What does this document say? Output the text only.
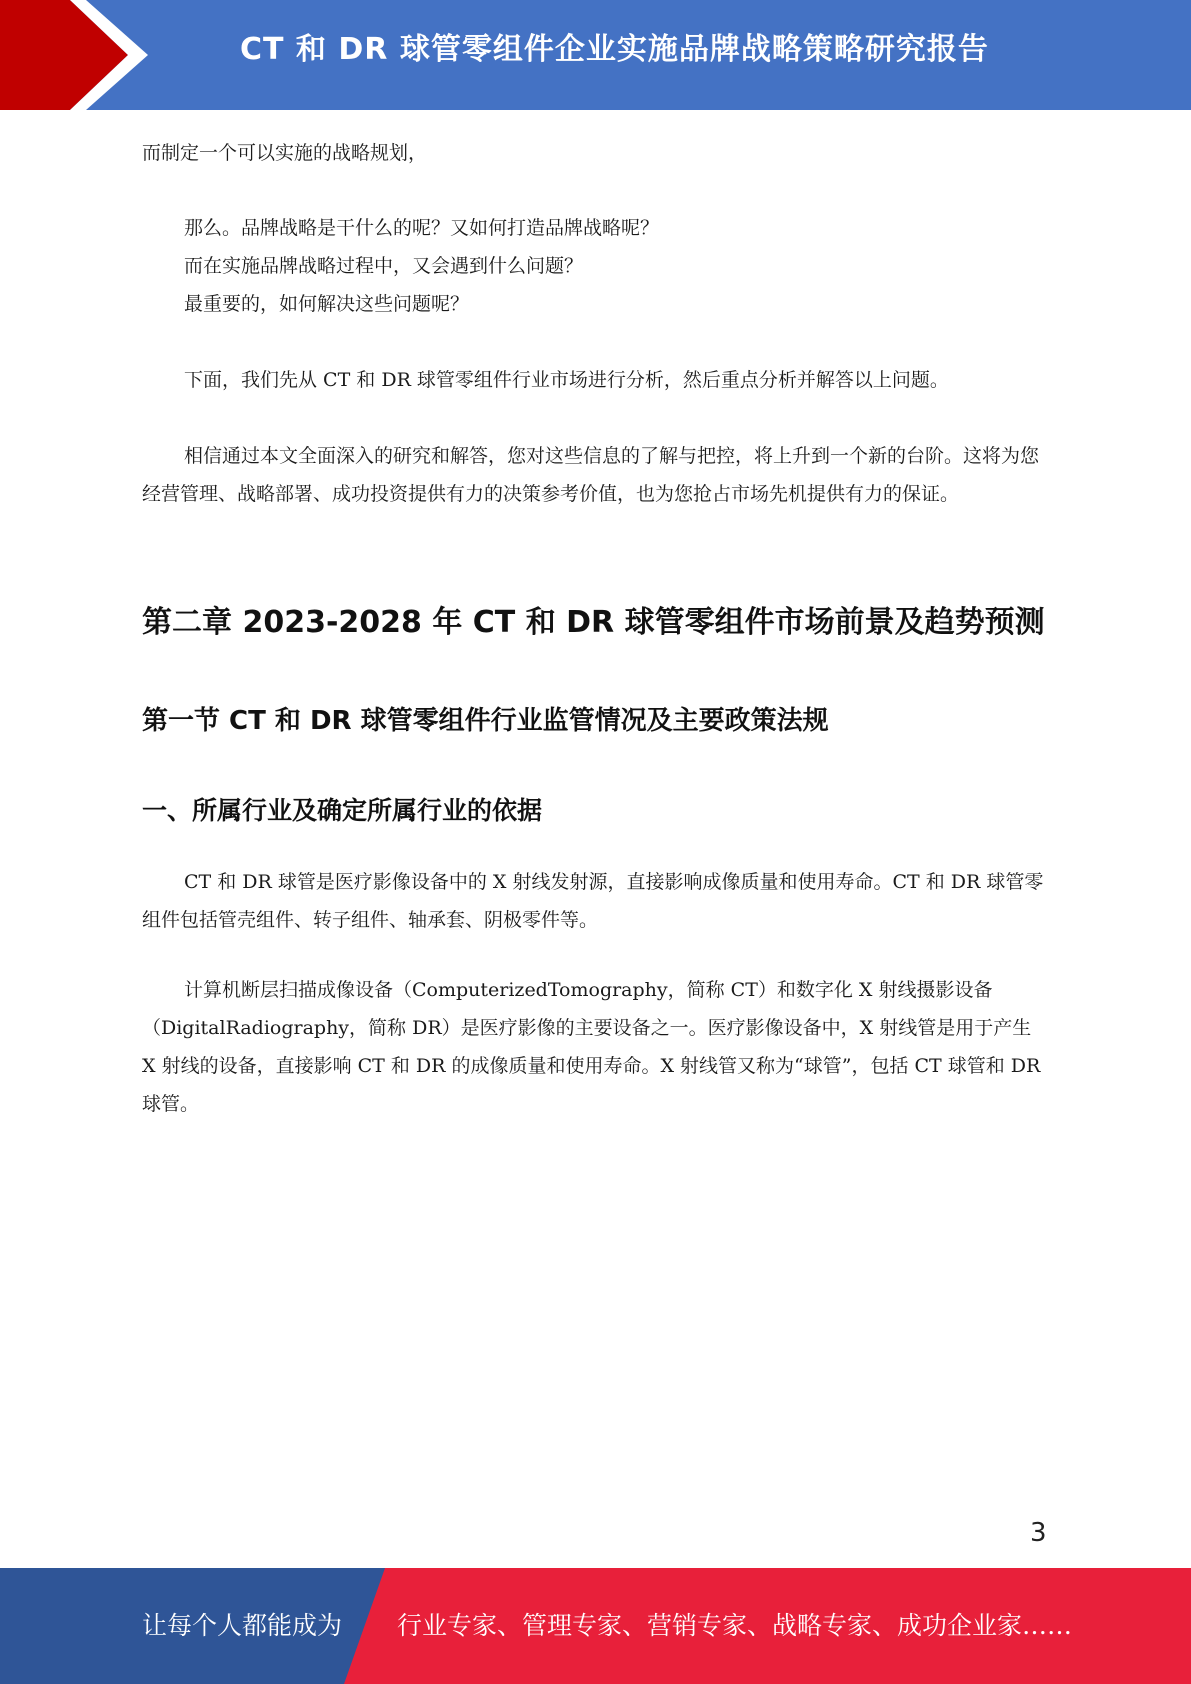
CT 和 DR 球管零组件企业实施品牌战略策略研究报告

而制定一个可以实施的战略规划，

那么。品牌战略是干什么的呢？又如何打造品牌战略呢？

而在实施品牌战略过程中，又会遇到什么问题？

最重要的，如何解决这些问题呢？

下面，我们先从 CT 和 DR 球管零组件行业市场进行分析，然后重点分析并解答以上问题。

相信通过本文全面深入的研究和解答，您对这些信息的了解与把控，将上升到一个新的台阶。这将为您经营管理、战略部署、成功投资提供有力的决策参考价值，也为您抢占市场先机提供有力的保证。

第二章 2023-2028 年 CT 和 DR 球管零组件市场前景及趋势预测
第一节 CT 和 DR 球管零组件行业监管情况及主要政策法规
一、所属行业及确定所属行业的依据

CT 和 DR 球管是医疗影像设备中的 X 射线发射源，直接影响成像质量和使用寿命。CT 和 DR 球管零组件包括管壳组件、转子组件、轴承套、阴极零件等。

计算机断层扫描成像设备（ComputerizedTomography，简称 CT）和数字化 X 射线摄影设备（DigitalRadiography，简称 DR）是医疗影像的主要设备之一。医疗影像设备中，X 射线管是用于产生 X 射线的设备，直接影响 CT 和 DR 的成像质量和使用寿命。X 射线管又称为“球管”，包括 CT 球管和 DR 球管。

3
让每个人都能成为 行业专家、管理专家、营销专家、战略专家、成功企业家……
